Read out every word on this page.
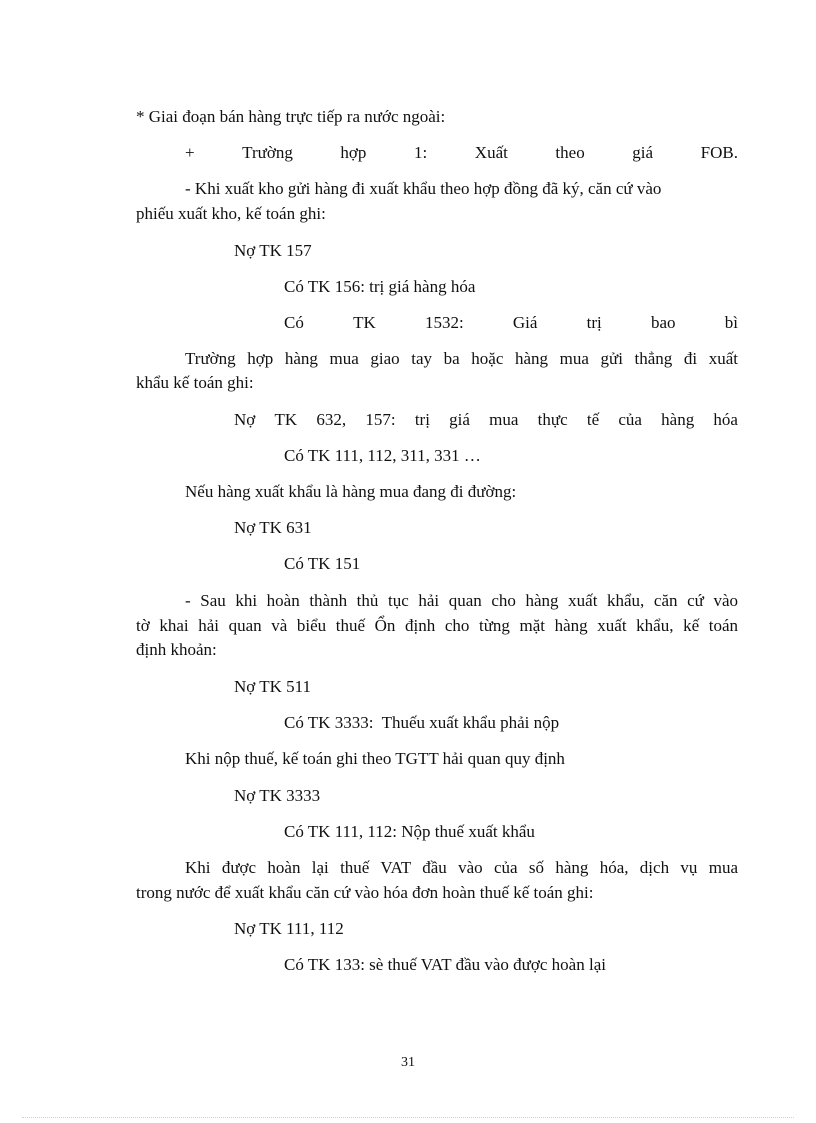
* Giai đoạn bán hàng trực tiếp ra nước ngoài:
+	Trường	hợp	1:	Xuất	theo	giá	FOB.
- Khi xuất kho gửi hàng đi xuất khẩu theo hợp đồng đã ký, căn cứ vào
phiếu xuất kho, kế toán ghi:
Nợ TK 157
Có TK 156: trị giá hàng hóa
Có	TK	1532:	Giá	trị	bao	bì
Trường hợp hàng mua giao tay ba hoặc hàng mua gửi thẳng đi xuất
khẩu kế toán ghi:
Nợ TK 632, 157: trị giá mua thực tế của hàng hóa
Có TK 111, 112, 311, 331 …
Nếu hàng xuất khẩu là hàng mua đang đi đường:
Nợ TK 631
Có TK 151
- Sau khi hoàn thành thủ tục hải quan cho hàng xuất khẩu, căn cứ vào
tờ khai hải quan và biểu thuế Ổn định cho từng mặt hàng xuất khẩu, kế toán
định khoản:
Nợ TK 511
Có TK 3333:  Thuếu xuất khẩu phải nộp
Khi nộp thuế, kế toán ghi theo TGTT hải quan quy định
Nợ TK 3333
Có TK 111, 112: Nộp thuế xuất khẩu
Khi được hoàn lại thuế VAT đầu vào của số hàng hóa, dịch vụ mua
trong nước để xuất khẩu căn cứ vào hóa đơn hoàn thuế kế toán ghi:
Nợ TK 111, 112
Có TK 133: sè thuế VAT đầu vào được hoàn lại
31
